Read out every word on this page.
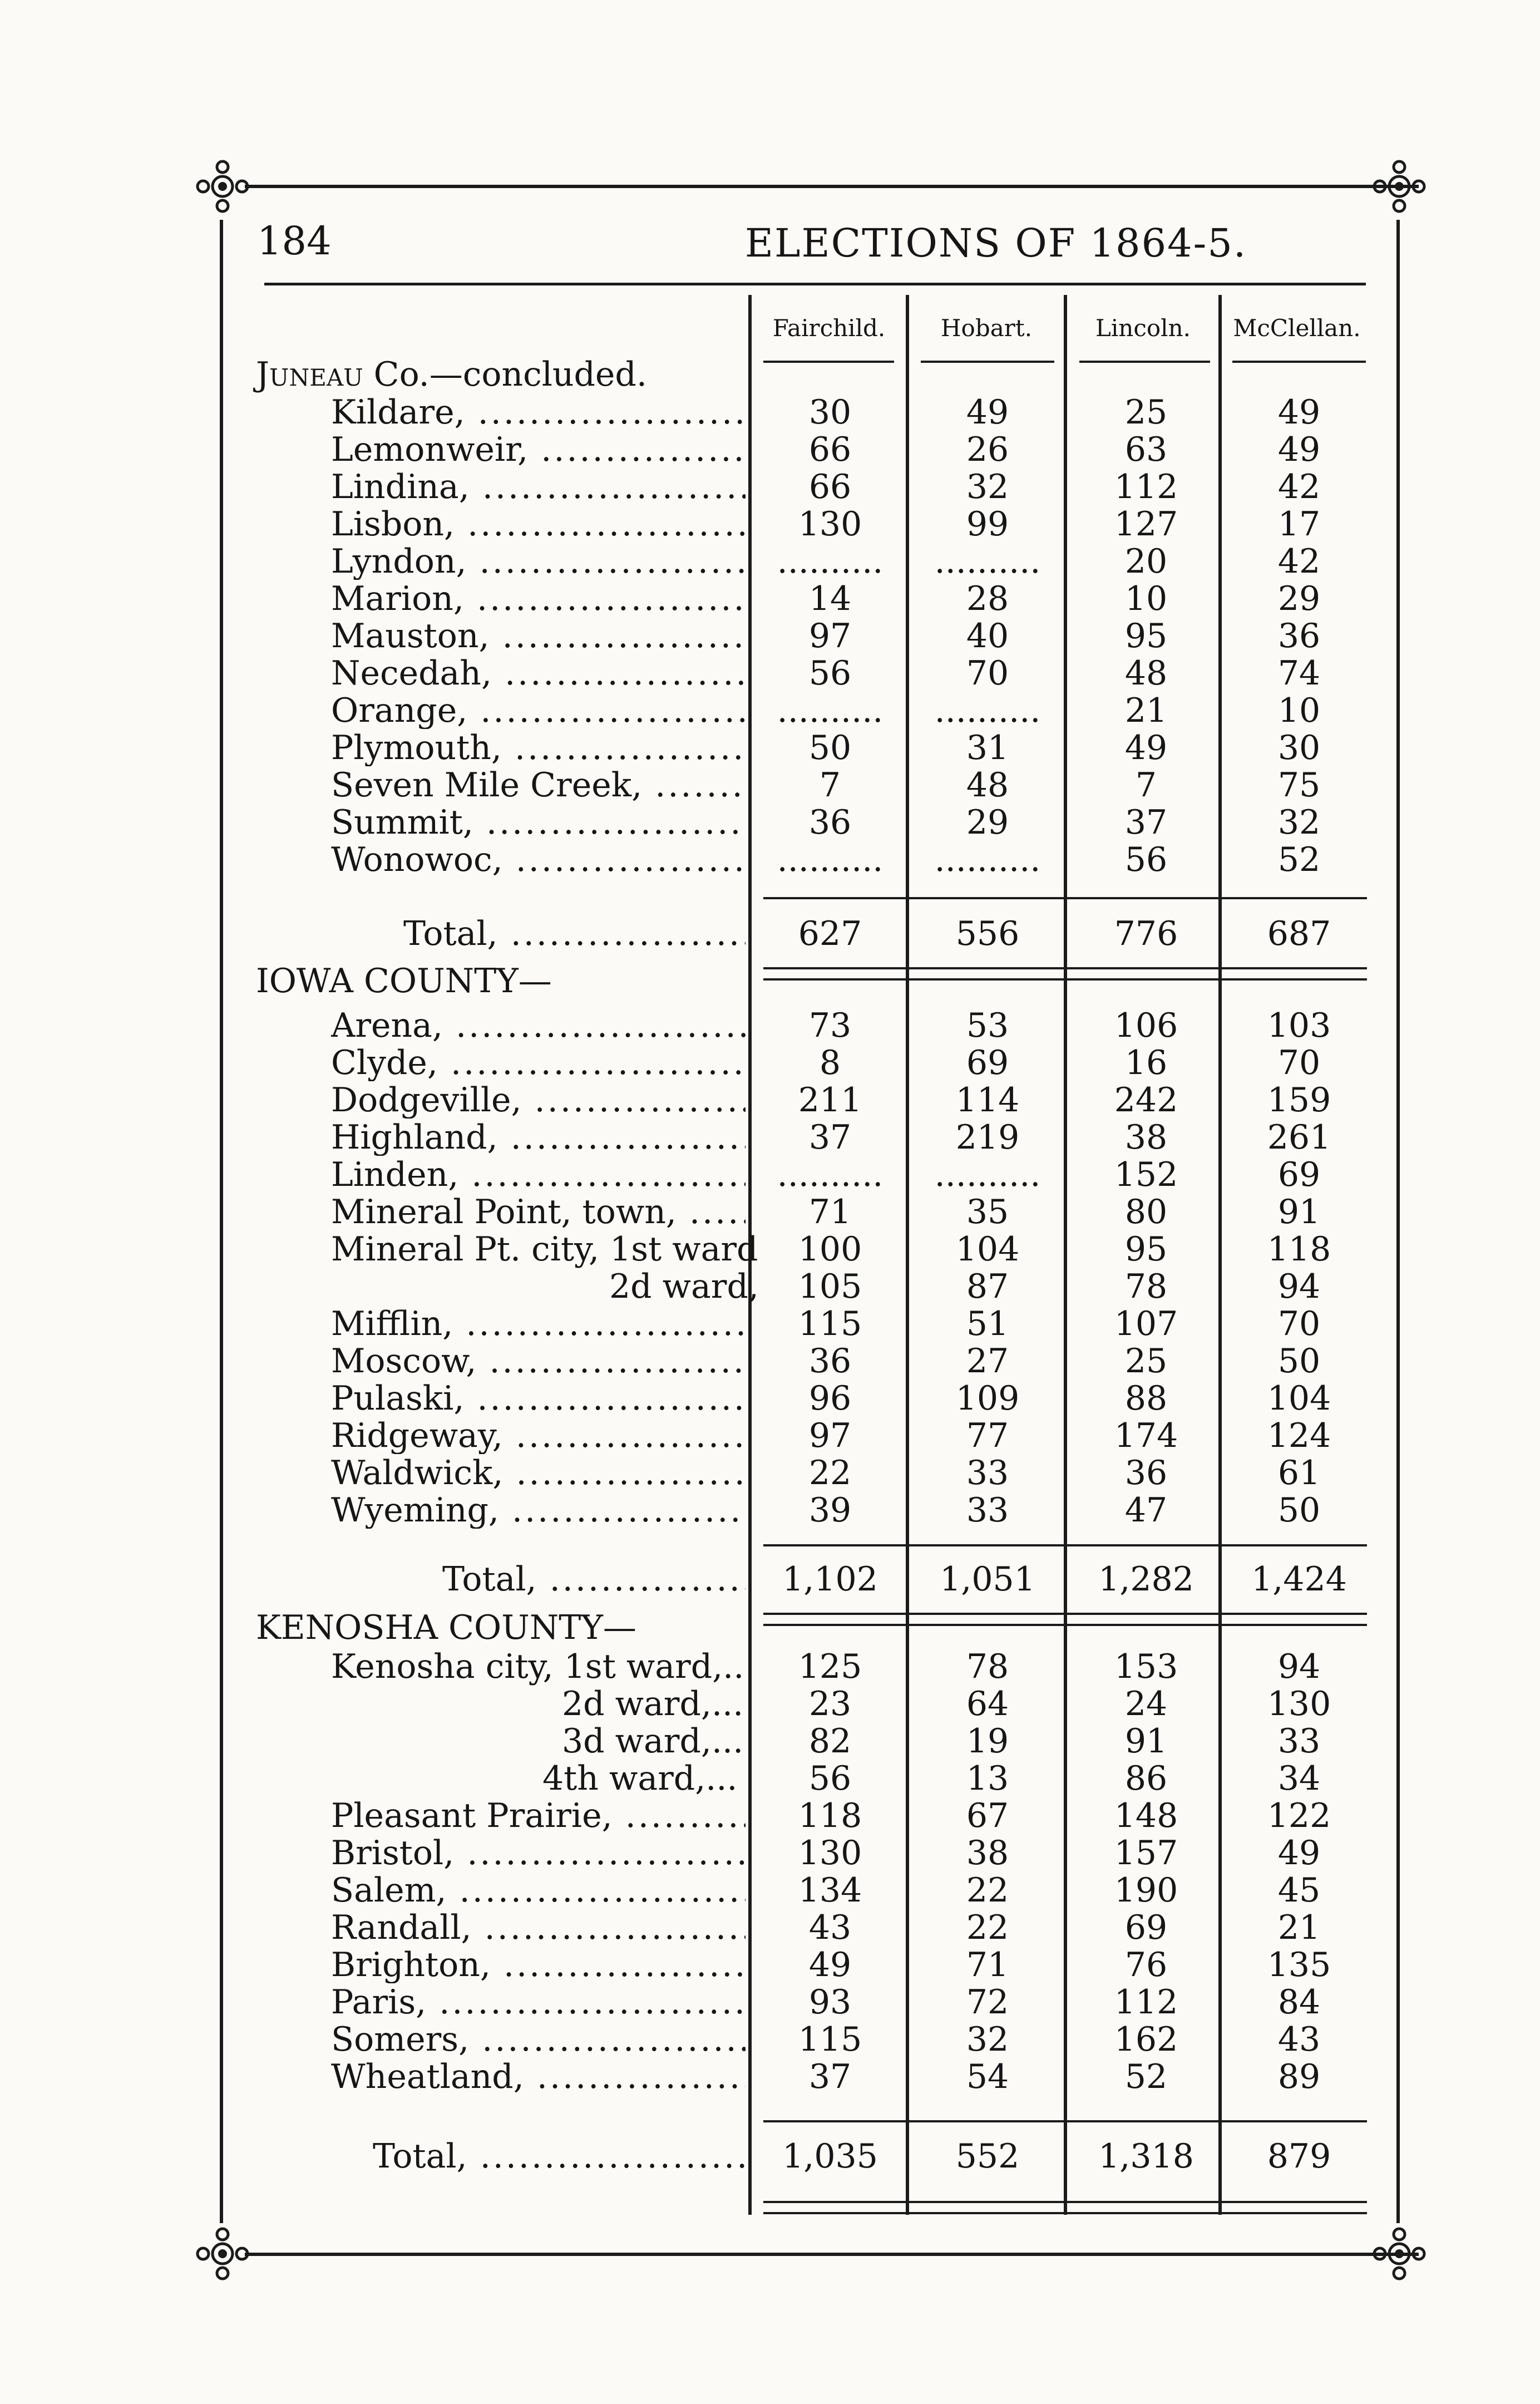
184	ELECTIONS OF 1864-5.
Fairchild.	Hobart.	Lincoln.	McClellan.
Juneau Co.—concluded.
Kildare, .....	30	49	25	49
Lemonweir, .....	66	26	63	49
Lindina, .....	66	32	112	42
Lisbon, .....	130	99	127	17
Lyndon, .....	..........	..........	20	42
Marion, .....	14	28	10	29
Mauston, .....	97	40	95	36
Necedah, .....	56	70	48	74
Orange, .....	..........	..........	21	10
Plymouth, .....	50	31	49	30
Seven Mile Creek, .....	7	48	7	75
Summit, .....	36	29	37	32
Wonowoc, .....	..........	..........	56	52
Total, .....	627	556	776	687
IOWA COUNTY—
Arena, .....	73	53	106	103
Clyde, .....	8	69	16	70
Dodgeville, .....	211	114	242	159
Highland, .....	37	219	38	261
Linden, .....	..........	..........	152	69
Mineral Point, town, .....	71	35	80	91
Mineral Pt. city, 1st ward	100	104	95	118
2d ward,	105	87	78	94
Mifflin, .....	115	51	107	70
Moscow, .....	36	27	25	50
Pulaski, .....	96	109	88	104
Ridgeway, .....	97	77	174	124
Waldwick, .....	22	33	36	61
Wyeming, .....	39	33	47	50
Total, .....	1,102	1,051	1,282	1,424
KENOSHA COUNTY—
Kenosha city, 1st ward,..	125	78	153	94
2d ward,...	23	64	24	130
3d ward,...	82	19	91	33
4th ward,...	56	13	86	34
Pleasant Prairie, .....	118	67	148	122
Bristol, .....	130	38	157	49
Salem, .....	134	22	190	45
Randall, .....	43	22	69	21
Brighton, .....	49	71	76	135
Paris, .....	93	72	112	84
Somers, .....	115	32	162	43
Wheatland, .....	37	54	52	89
Total, .....	1,035	552	1,318	879
